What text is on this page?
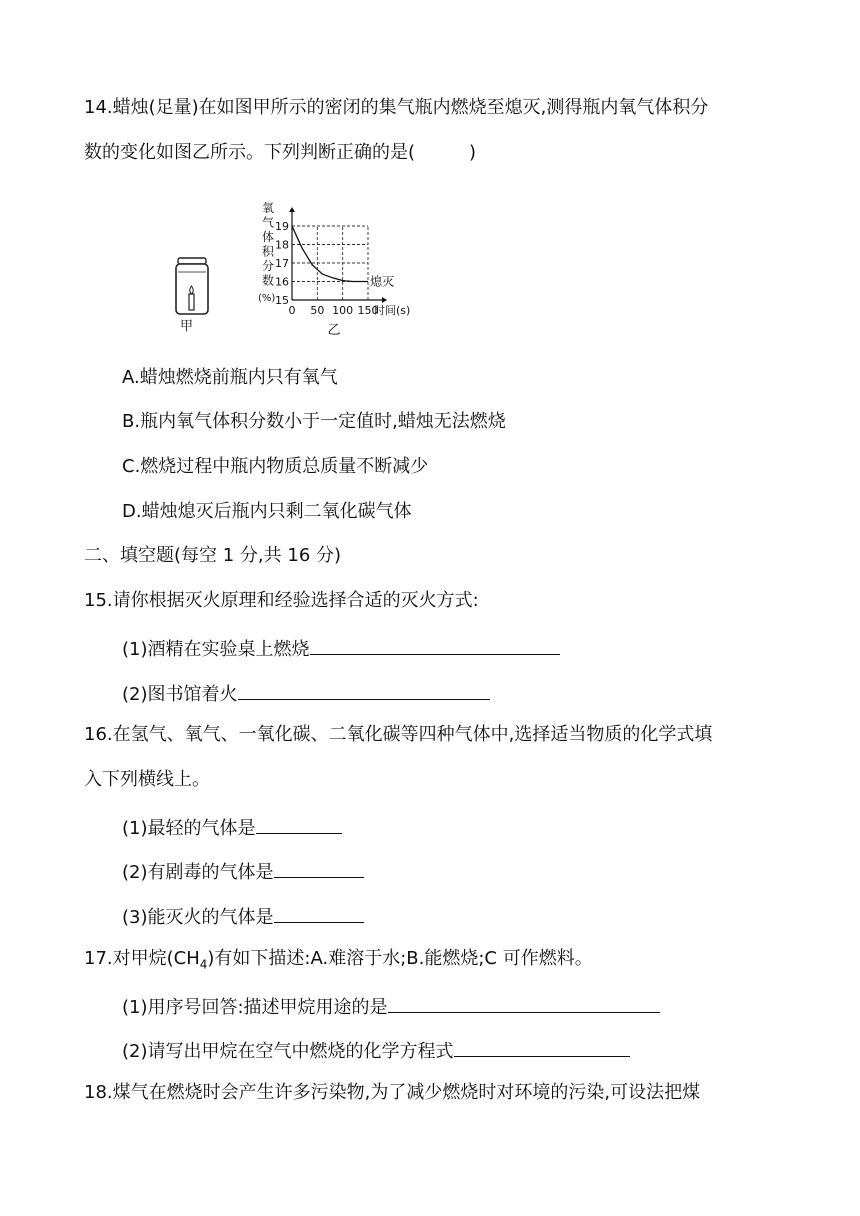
14.蜡烛(足量)在如图甲所示的密闭的集气瓶内燃烧至熄灭,测得瓶内氧气体积分
数的变化如图乙所示。下列判断正确的是(　　　)
甲
15
16
17
18
19
0 50 100 150
时间(s)
氧
气
体
积
分
数
(%)
熄灭
乙
A.蜡烛燃烧前瓶内只有氧气
B.瓶内氧气体积分数小于一定值时,蜡烛无法燃烧
C.燃烧过程中瓶内物质总质量不断减少
D.蜡烛熄灭后瓶内只剩二氧化碳气体
二、填空题(每空 1 分,共 16 分)
15.请你根据灭火原理和经验选择合适的灭火方式:
(1)酒精在实验桌上燃烧
(2)图书馆着火
16.在氢气、氧气、一氧化碳、二氧化碳等四种气体中,选择适当物质的化学式填
入下列横线上。
(1)最轻的气体是
(2)有剧毒的气体是
(3)能灭火的气体是
17.对甲烷$(CH_4)$有如下描述:A.难溶于水;B.能燃烧;C 可作燃料。
(1)用序号回答:描述甲烷用途的是
(2)请写出甲烷在空气中燃烧的化学方程式
18.煤气在燃烧时会产生许多污染物,为了减少燃烧时对环境的污染,可设法把煤
